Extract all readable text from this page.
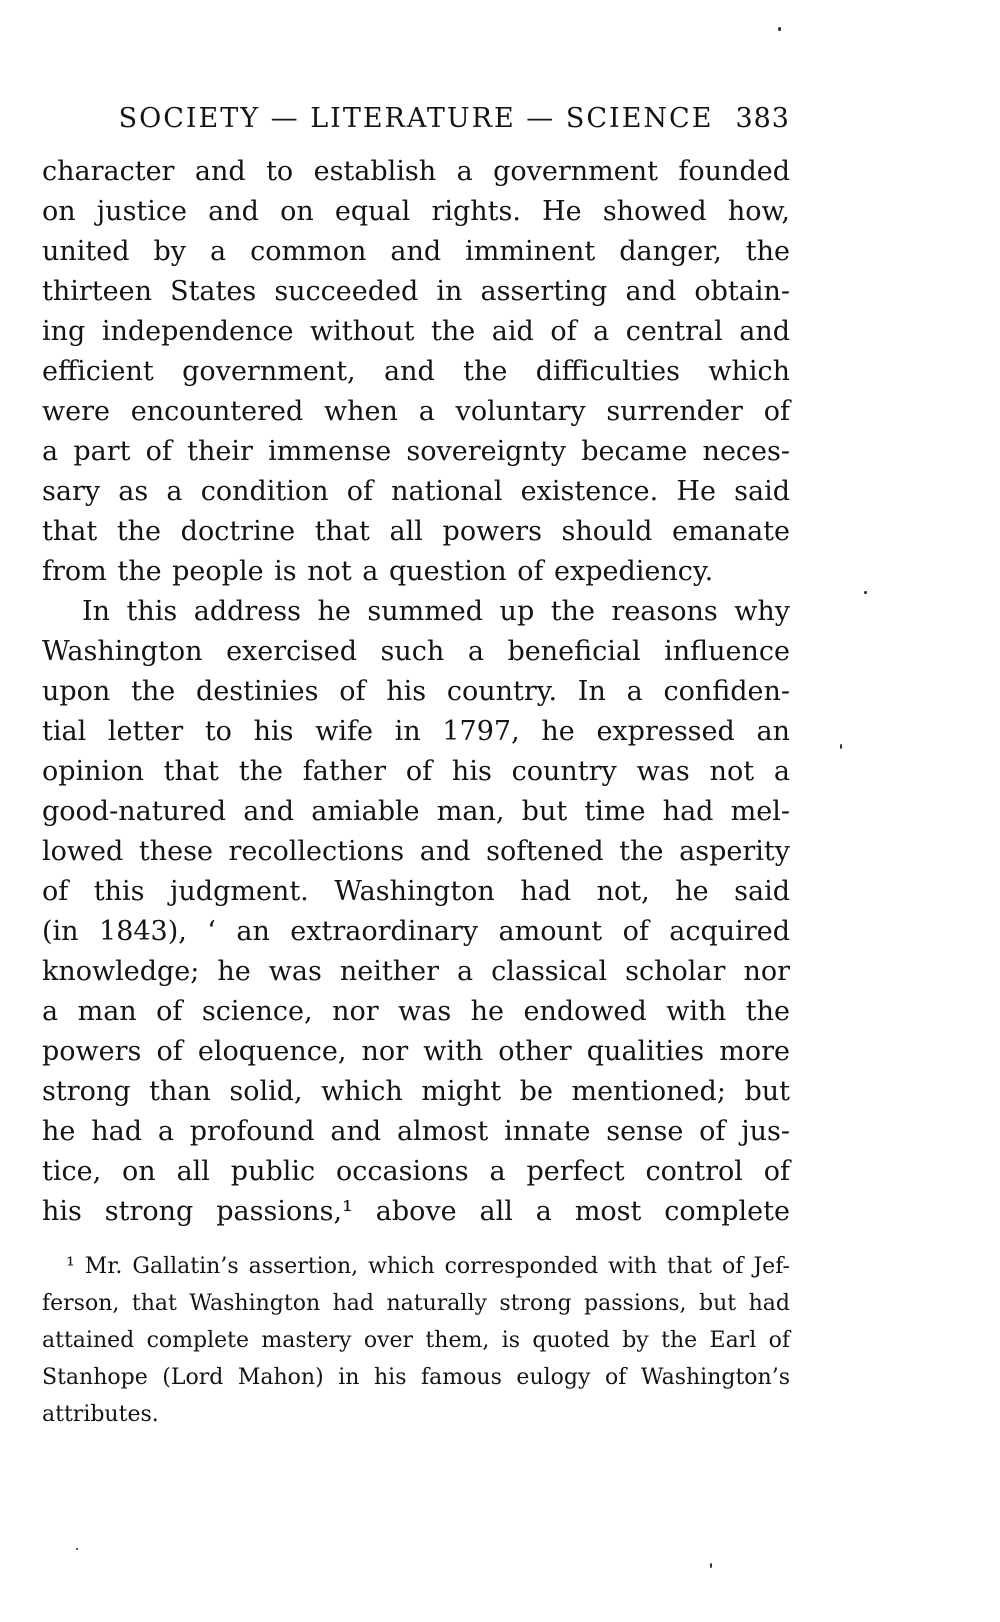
SOCIETY — LITERATURE — SCIENCE 383
character and to establish a government founded
on justice and on equal rights. He showed how,
united by a common and imminent danger, the
thirteen States succeeded in asserting and obtain-
ing independence without the aid of a central and
efficient government, and the difficulties which
were encountered when a voluntary surrender of
a part of their immense sovereignty became neces-
sary as a condition of national existence. He said
that the doctrine that all powers should emanate
from the people is not a question of expediency.
In this address he summed up the reasons why
Washington exercised such a beneficial influence
upon the destinies of his country. In a confiden-
tial letter to his wife in 1797, he expressed an
opinion that the father of his country was not a
good-natured and amiable man, but time had mel-
lowed these recollections and softened the asperity
of this judgment. Washington had not, he said
(in 1843), ‘ an extraordinary amount of acquired
knowledge; he was neither a classical scholar nor
a man of science, nor was he endowed with the
powers of eloquence, nor with other qualities more
strong than solid, which might be mentioned; but
he had a profound and almost innate sense of jus-
tice, on all public occasions a perfect control of
his strong passions,¹ above all a most complete
¹ Mr. Gallatin’s assertion, which corresponded with that of Jef-
ferson, that Washington had naturally strong passions, but had
attained complete mastery over them, is quoted by the Earl of
Stanhope (Lord Mahon) in his famous eulogy of Washington’s
attributes.
